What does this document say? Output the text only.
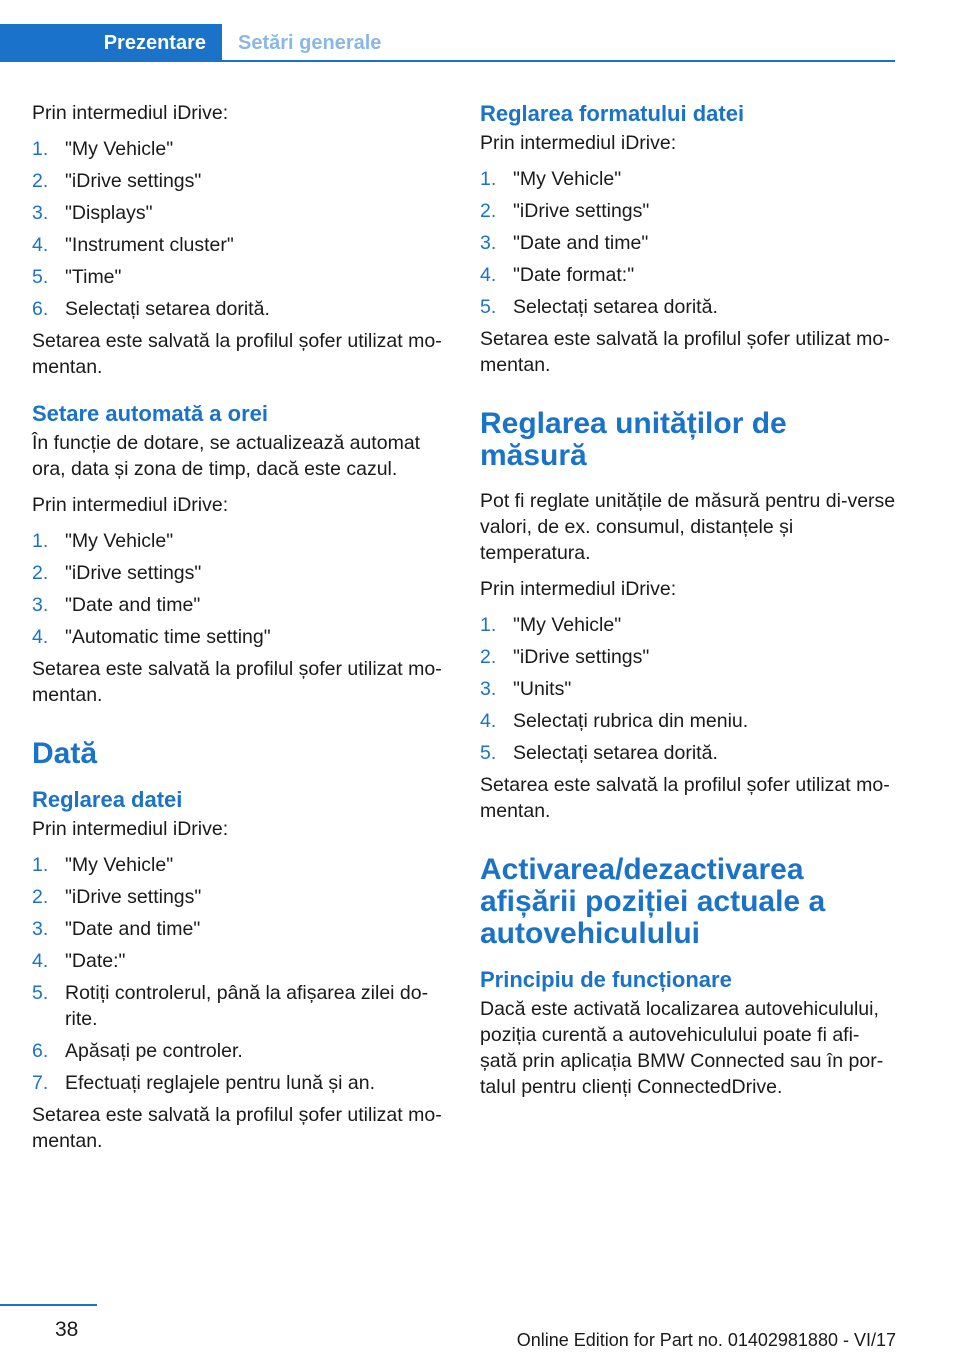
Prezentare	Setări generale

Prin intermediul iDrive:

1. "My Vehicle"
2. "iDrive settings"
3. "Displays"
4. "Instrument cluster"
5. "Time"
6. Selectați setarea dorită.

Setarea este salvată la profilul șofer utilizat mo-mentan.

Setare automată a orei

În funcție de dotare, se actualizează automat ora, data și zona de timp, dacă este cazul.

Prin intermediul iDrive:

1. "My Vehicle"
2. "iDrive settings"
3. "Date and time"
4. "Automatic time setting"

Setarea este salvată la profilul șofer utilizat mo-mentan.

Dată
Reglarea datei

Prin intermediul iDrive:

1. "My Vehicle"
2. "iDrive settings"
3. "Date and time"
4. "Date:"
5. Rotiți controlerul, până la afișarea zilei do-rite.
6. Apăsați pe controler.
7. Efectuați reglajele pentru lună și an.

Setarea este salvată la profilul șofer utilizat mo-mentan.

Reglarea formatului datei

Prin intermediul iDrive:

1. "My Vehicle"
2. "iDrive settings"
3. "Date and time"
4. "Date format:"
5. Selectați setarea dorită.

Setarea este salvată la profilul șofer utilizat mo-mentan.

Reglarea unităților de măsură

Pot fi reglate unitățile de măsură pentru di-verse valori, de ex. consumul, distanțele și temperatura.

Prin intermediul iDrive:

1. "My Vehicle"
2. "iDrive settings"
3. "Units"
4. Selectați rubrica din meniu.
5. Selectați setarea dorită.

Setarea este salvată la profilul șofer utilizat mo-mentan.

Activarea/dezactivarea afișării poziției actuale a autovehiculului
Principiu de funcționare

Dacă este activată localizarea autovehiculului, poziția curentă a autovehiculului poate fi afi-șată prin aplicația BMW Connected sau în por-talul pentru clienți ConnectedDrive.

38	Online Edition for Part no. 01402981880 - VI/17
